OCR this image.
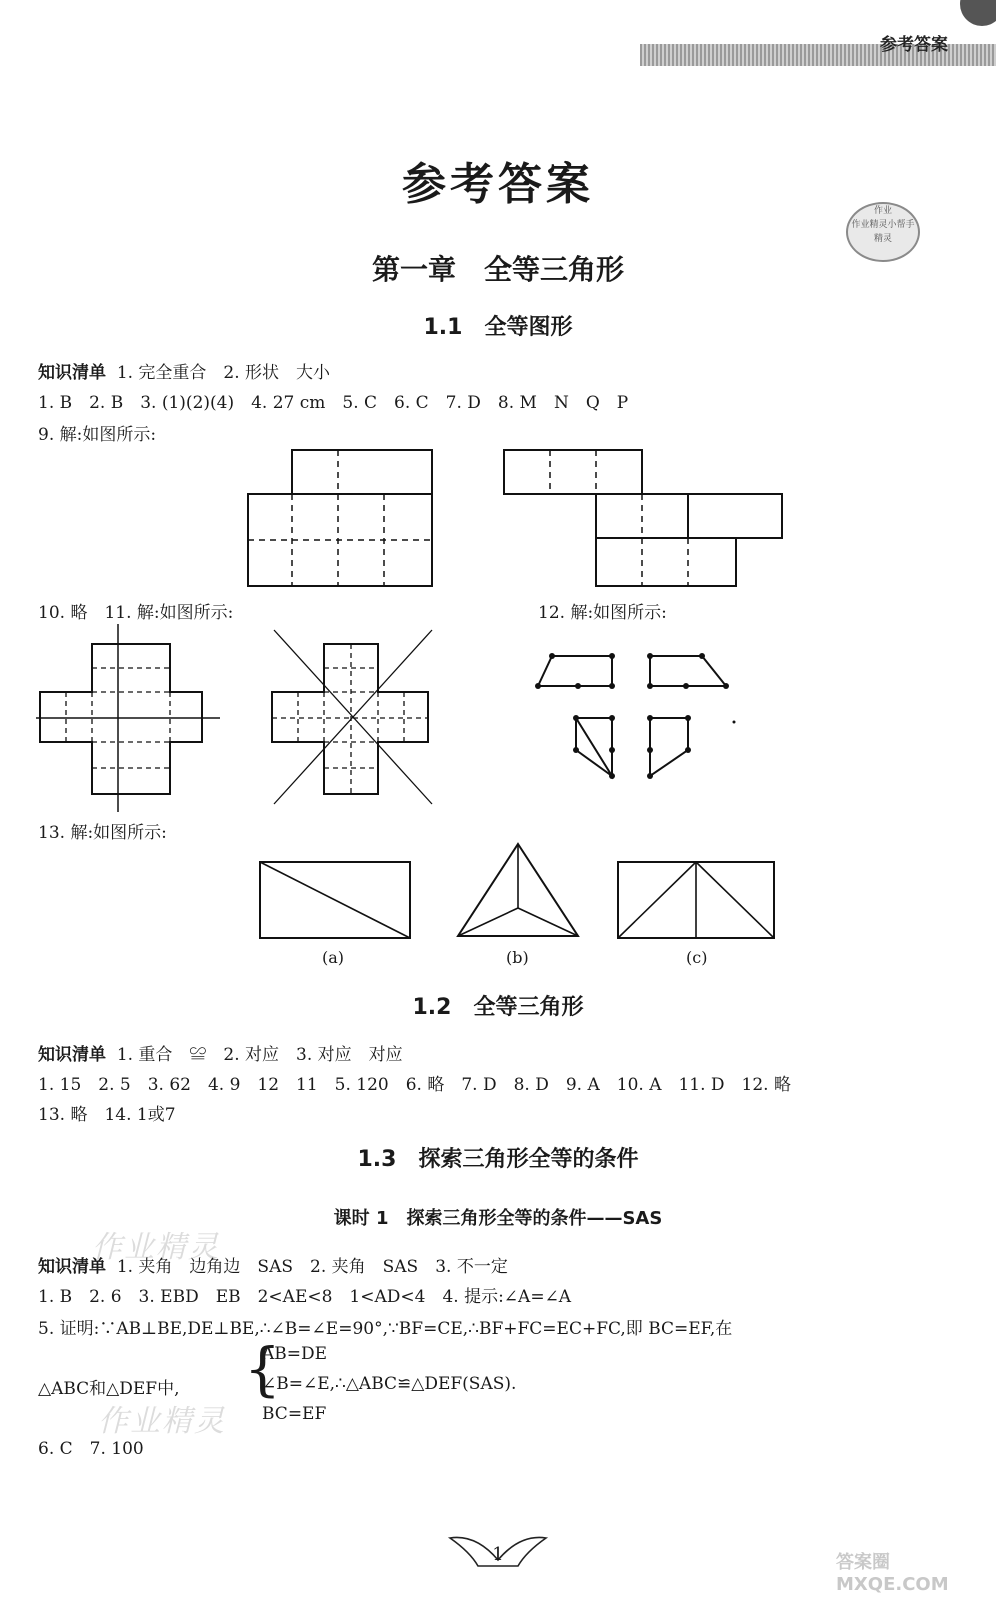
参考答案
参考答案
作业
作业精灵小帮手
精灵
第一章　全等三角形
1.1　全等图形
知识清单 1. 完全重合　2. 形状　大小
1. B　2. B　3. (1)(2)(4)　4. 27 cm　5. C　6. C　7. D　8. M　N　Q　P
9. 解:如图所示:
10. 略　11. 解:如图所示:	12. 解:如图所示:
13. 解:如图所示:
(a)	(b)	(c)
1.2　全等三角形
知识清单 1. 重合　≌　2. 对应　3. 对应　对应
1. 15　2. 5　3. 62　4. 9　12　11　5. 120　6. 略　7. D　8. D　9. A　10. A　11. D　12. 略
13. 略　14. 1或7
1.3　探索三角形全等的条件
课时 1　探索三角形全等的条件——SAS
作业精灵
知识清单 1. 夹角　边角边　SAS　2. 夹角　SAS　3. 不一定
1. B　2. 6　3. EBD　EB　2<AE<8　1<AD<4　4. 提示:∠A=∠A
5. 证明:∵AB⊥BE,DE⊥BE,∴∠B=∠E=90°,∵BF=CE,∴BF+FC=EC+FC,即 BC=EF,在
△ABC和△DEF中, {
AB=DE
∠B=∠E,∴△ABC≌△DEF(SAS).
BC=EF
作业精灵
6. C　7. 100
1	答案圈 MXQE.COM
